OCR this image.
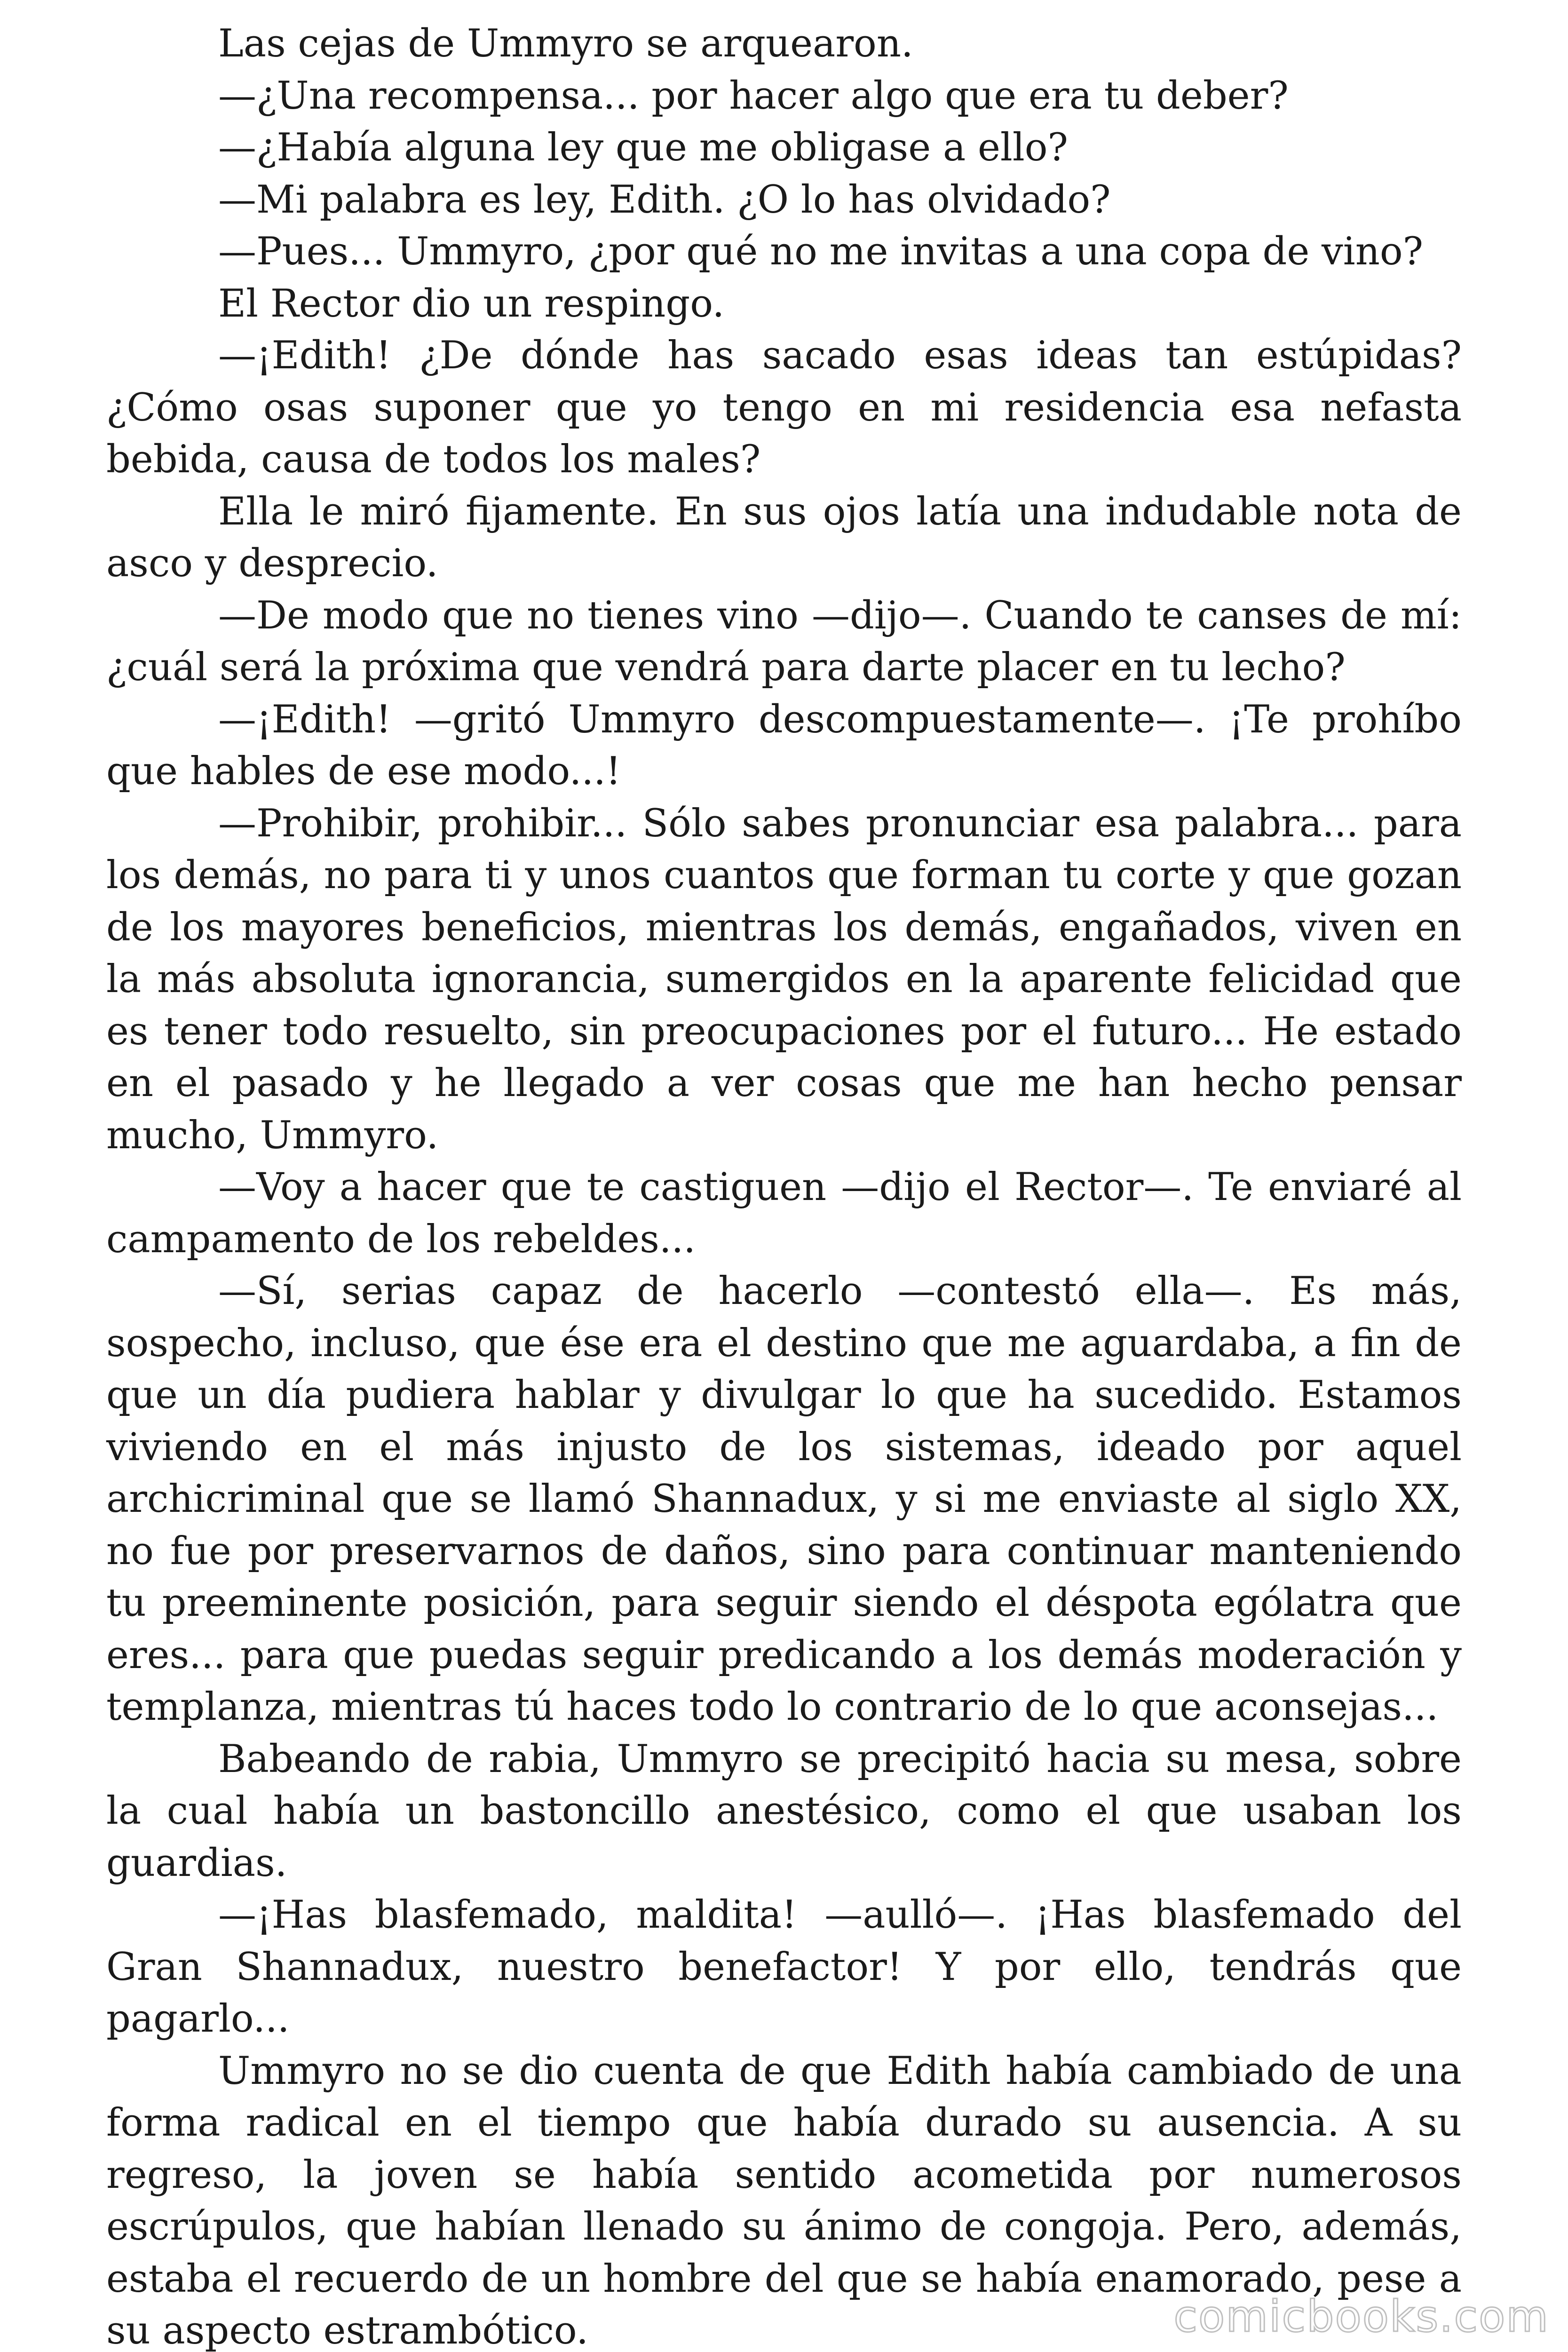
Las cejas de Ummyro se arquearon.

—¿Una recompensa... por hacer algo que era tu deber?

—¿Había alguna ley que me obligase a ello?

—Mi palabra es ley, Edith. ¿O lo has olvidado?

—Pues... Ummyro, ¿por qué no me invitas a una copa de vino?

El Rector dio un respingo.

—¡Edith! ¿De dónde has sacado esas ideas tan estúpidas? ¿Cómo osas suponer que yo tengo en mi residencia esa nefasta bebida, causa de todos los males?

Ella le miró fijamente. En sus ojos latía una indudable nota de asco y desprecio.

—De modo que no tienes vino —dijo—. Cuando te canses de mí: ¿cuál será la próxima que vendrá para darte placer en tu lecho?

—¡Edith! —gritó Ummyro descompuestamente—. ¡Te prohíbo que hables de ese modo...!

—Prohibir, prohibir... Sólo sabes pronunciar esa palabra... para los demás, no para ti y unos cuantos que forman tu corte y que gozan de los mayores beneficios, mientras los demás, engañados, viven en la más absoluta ignorancia, sumergidos en la aparente felicidad que es tener todo resuelto, sin preocupaciones por el futuro... He estado en el pasado y he llegado a ver cosas que me han hecho pensar mucho, Ummyro.

—Voy a hacer que te castiguen —dijo el Rector—. Te enviaré al campamento de los rebeldes...

—Sí, serias capaz de hacerlo —contestó ella—. Es más, sospecho, incluso, que ése era el destino que me aguardaba, a fin de que un día pudiera hablar y divulgar lo que ha sucedido. Estamos viviendo en el más injusto de los sistemas, ideado por aquel archicriminal que se llamó Shannadux, y si me enviaste al siglo XX, no fue por preservarnos de daños, sino para continuar manteniendo tu preeminente posición, para seguir siendo el déspota ególatra que eres... para que puedas seguir predicando a los demás moderación y templanza, mientras tú haces todo lo contrario de lo que aconsejas...

Babeando de rabia, Ummyro se precipitó hacia su mesa, sobre la cual había un bastoncillo anestésico, como el que usaban los guardias.

—¡Has blasfemado, maldita! —aulló—. ¡Has blasfemado del Gran Shannadux, nuestro benefactor! Y por ello, tendrás que pagarlo...

Ummyro no se dio cuenta de que Edith había cambiado de una forma radical en el tiempo que había durado su ausencia. A su regreso, la joven se había sentido acometida por numerosos escrúpulos, que habían llenado su ánimo de congoja. Pero, además, estaba el recuerdo de un hombre del que se había enamorado, pese a su aspecto estrambótico.	comicbooks.com
